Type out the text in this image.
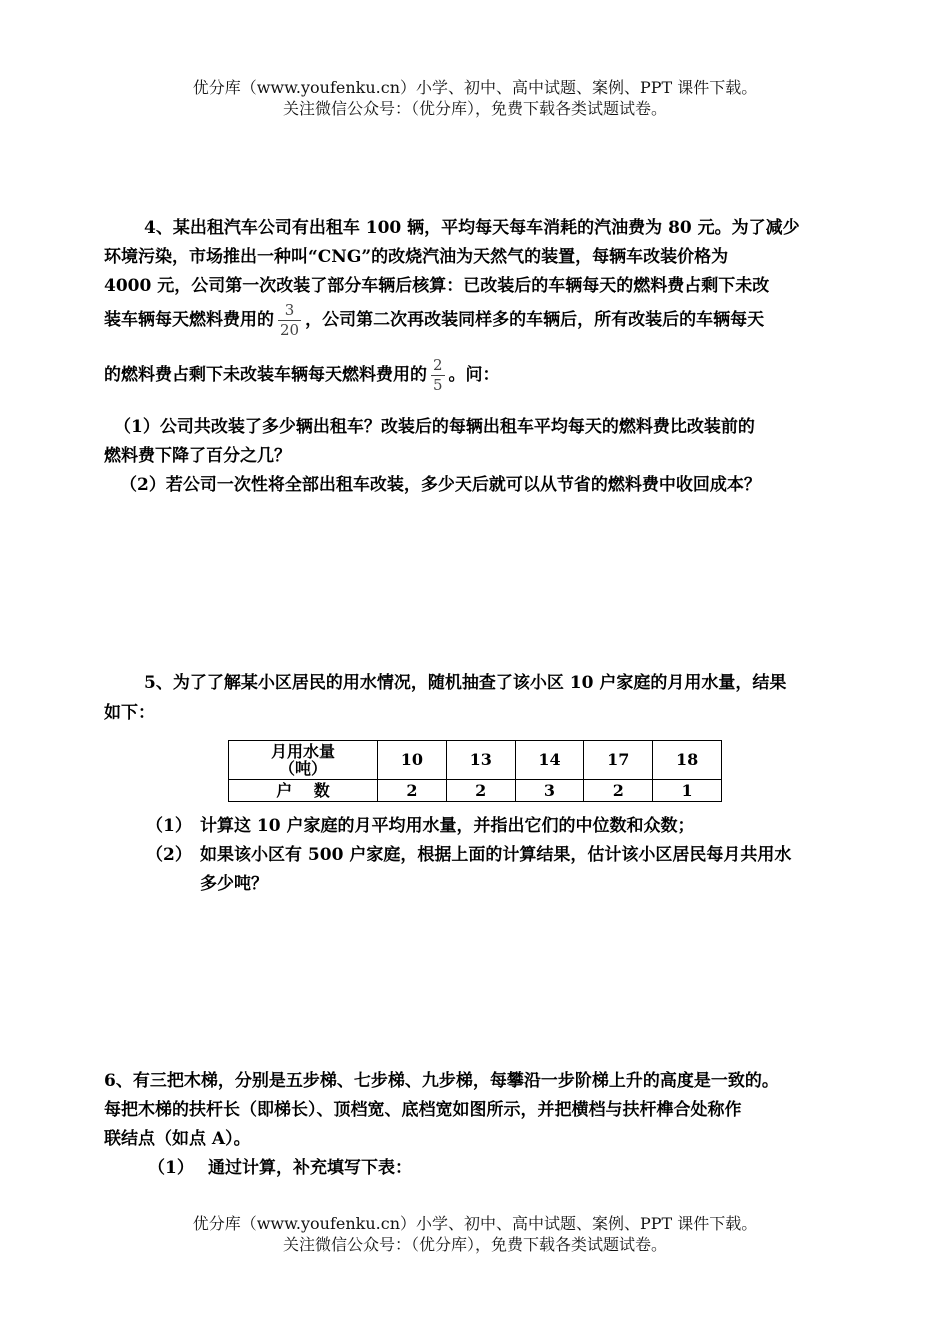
优分库（www.youfenku.cn）小学、初中、高中试题、案例、PPT 课件下载。
关注微信公众号：（优分库），免费下载各类试题试卷。
4、某出租汽车公司有出租车 100 辆，平均每天每车消耗的汽油费为 80 元。为了减少
环境污染，市场推出一种叫“CNG”的改烧汽油为天然气的装置，每辆车改装价格为
4000 元，公司第一次改装了部分车辆后核算：已改装后的车辆每天的燃料费占剩下未改
装车辆每天燃料费用的 $\frac{3}{20}$ ，公司第二次再改装同样多的车辆后，所有改装后的车辆每天
的燃料费占剩下未改装车辆每天燃料费用的 $\frac{2}{5}$ 。问：
（1）公司共改装了多少辆出租车？改装后的每辆出租车平均每天的燃料费比改装前的
燃料费下降了百分之几？
（2）若公司一次性将全部出租车改装，多少天后就可以从节省的燃料费中收回成本？
5、为了了解某小区居民的用水情况，随机抽查了该小区 10 户家庭的月用水量，结果
如下：
（1） 计算这 10 户家庭的月平均用水量，并指出它们的中位数和众数；
（2） 如果该小区有 500 户家庭，根据上面的计算结果，估计该小区居民每月共用水
多少吨？
月用水量
（吨）	10	13	14	17	18
户　 数	2	2	3	2	1
6、有三把木梯，分别是五步梯、七步梯、九步梯，每攀沿一步阶梯上升的高度是一致的。
每把木梯的扶杆长（即梯长）、顶档宽、底档宽如图所示，并把横档与扶杆榫合处称作
联结点（如点 A）。
（1） 通过计算，补充填写下表：
优分库（www.youfenku.cn）小学、初中、高中试题、案例、PPT 课件下载。
关注微信公众号：（优分库），免费下载各类试题试卷。
